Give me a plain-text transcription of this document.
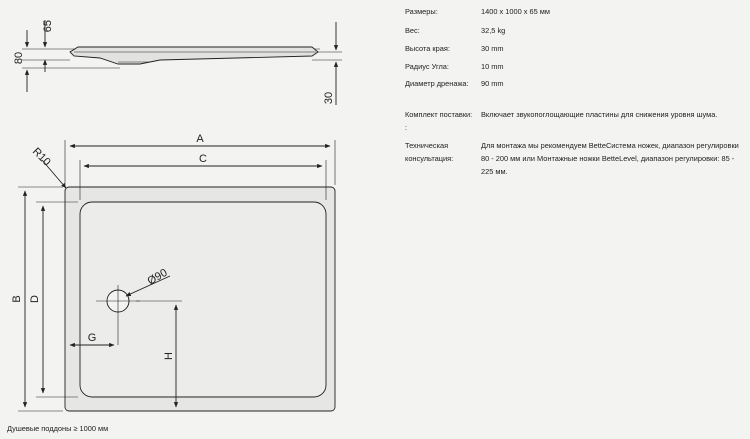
65
80
30
A
C
B D
R10
Ø90
G
H
Размеры:	1400 x 1000 x 65 мм
Вес:	32,5 kg
Высота края:	30 mm
Радиус Угла:	10 mm
Диаметр дренажа:	90 mm
Комплект поставки: :
Включает звукопоглощающие пластины для снижения уровня шума.
Техническая консультация:
Для монтажа мы рекомендуем BetteСистема ножек, диапазон регулировки 80 - 200 мм или Монтажные ножки BetteLevel, диапазон регулировки: 85 - 225 мм.
Душевые поддоны ≥ 1000 мм
